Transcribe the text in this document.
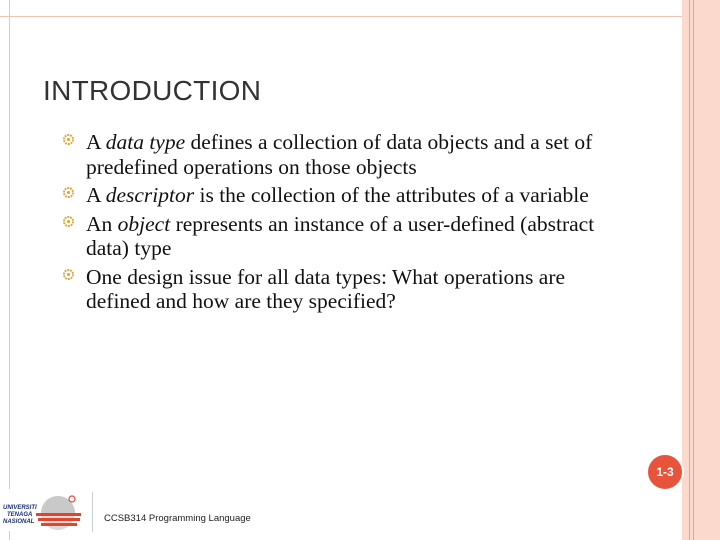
INTRODUCTION
A data type defines a collection of data objects and a set of predefined operations on those objects
A descriptor is the collection of the attributes of a variable
An object represents an instance of a user-defined (abstract data) type
One design issue for all data types: What operations are defined and how are they specified?
1-3
UNIVERSITI
TENAGA
NASIONAL	CCSB314 Programming Language
